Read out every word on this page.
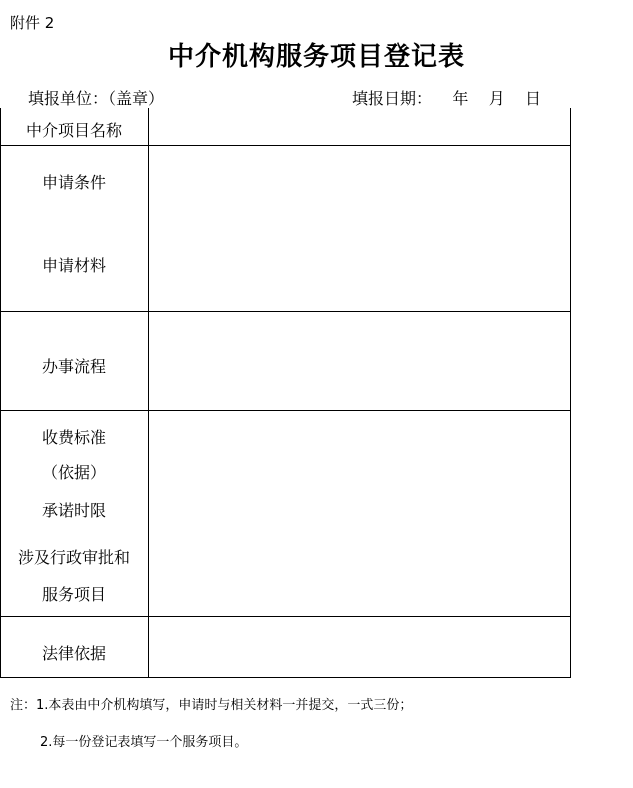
附件 2
中介机构服务项目登记表
填报单位：（盖章）	填报日期：    年    月    日
中介项目名称
申请条件
申请材料
办事流程
收费标准
（依据）
承诺时限
涉及行政审批和
服务项目
法律依据
注：1.本表由中介机构填写，申请时与相关材料一并提交，一式三份；
2.每一份登记表填写一个服务项目。
